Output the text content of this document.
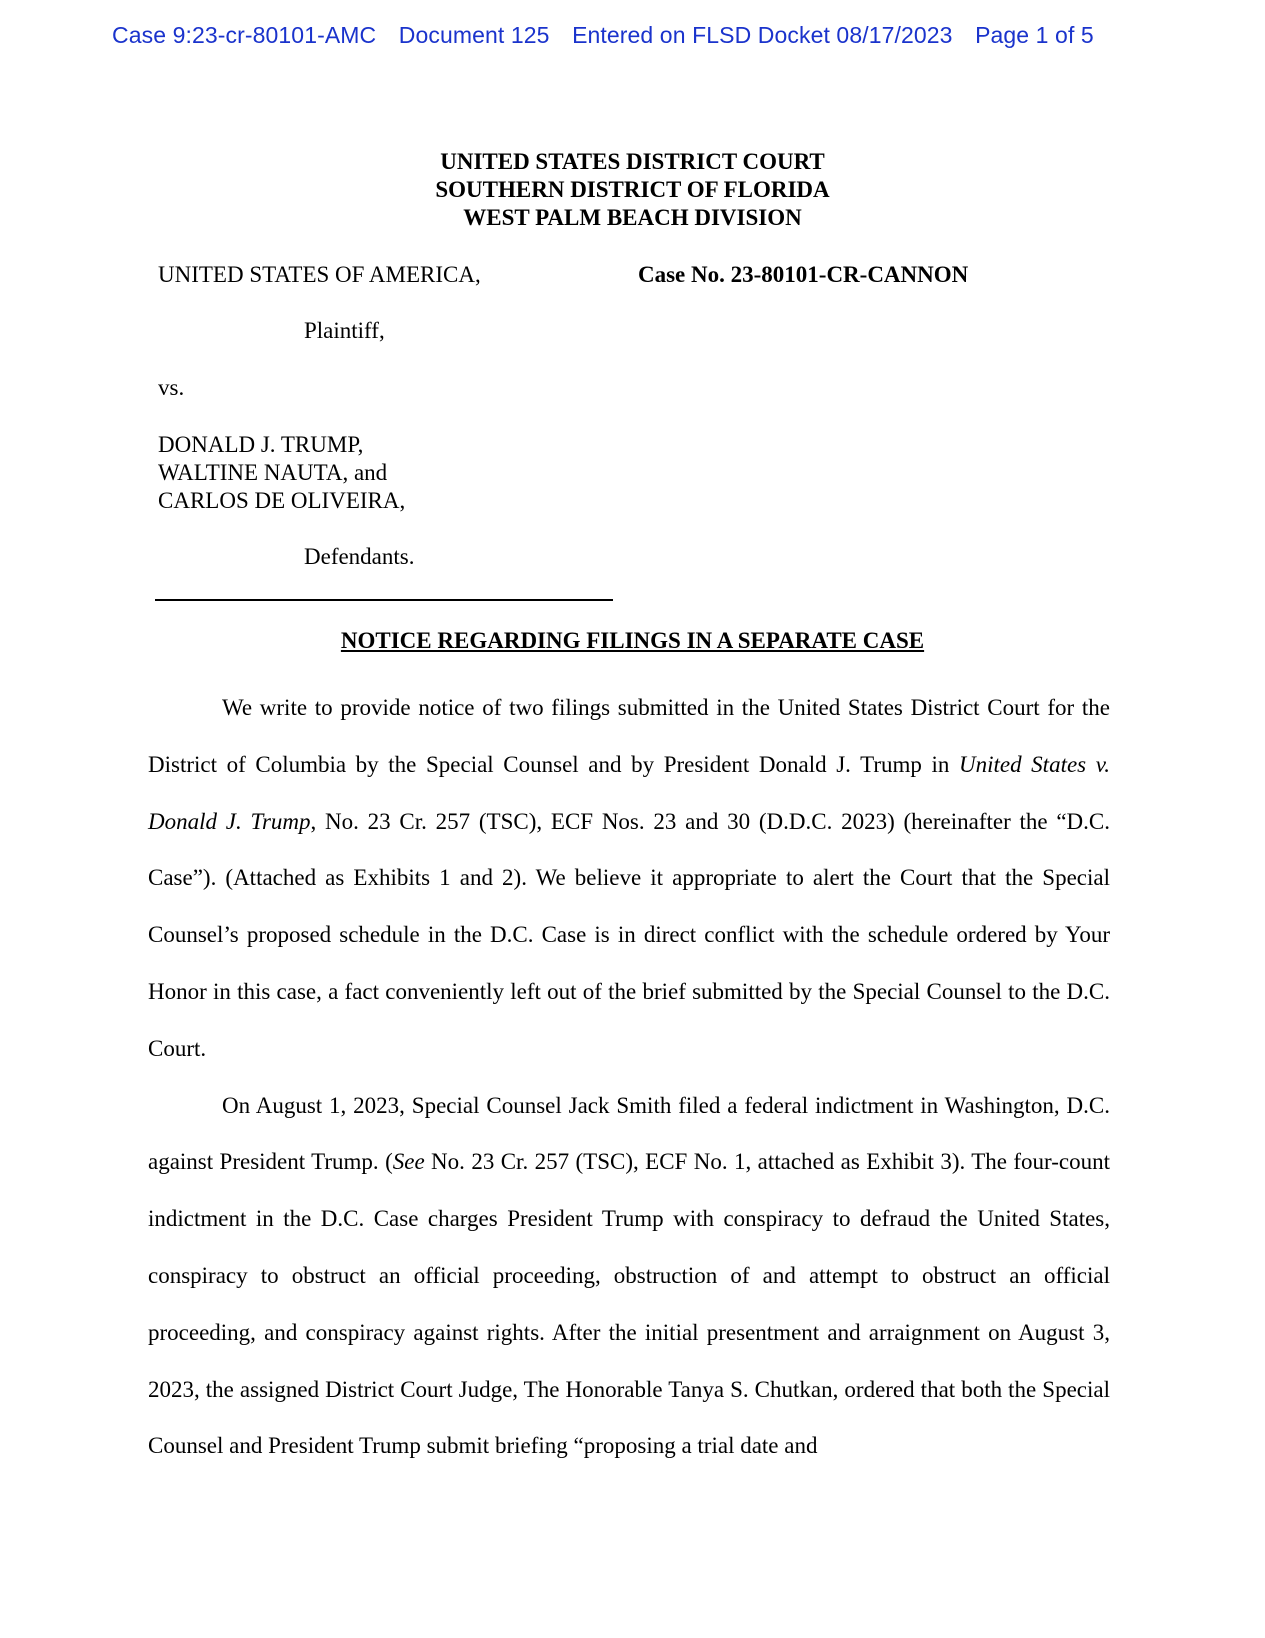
Case 9:23-cr-80101-AMC Document 125 Entered on FLSD Docket 08/17/2023 Page 1 of 5
UNITED STATES DISTRICT COURT
SOUTHERN DISTRICT OF FLORIDA
WEST PALM BEACH DIVISION
UNITED STATES OF AMERICA,	Case No. 23-80101-CR-CANNON
Plaintiff,
vs.
DONALD J. TRUMP,
WALTINE NAUTA, and
CARLOS DE OLIVEIRA,
Defendants.
NOTICE REGARDING FILINGS IN A SEPARATE CASE

We write to provide notice of two filings submitted in the United States District Court for the District of Columbia by the Special Counsel and by President Donald J. Trump in United States v. Donald J. Trump, No. 23 Cr. 257 (TSC), ECF Nos. 23 and 30 (D.D.C. 2023) (hereinafter the “D.C. Case”). (Attached as Exhibits 1 and 2). We believe it appropriate to alert the Court that the Special Counsel’s proposed schedule in the D.C. Case is in direct conflict with the schedule ordered by Your Honor in this case, a fact conveniently left out of the brief submitted by the Special Counsel to the D.C. Court.

On August 1, 2023, Special Counsel Jack Smith filed a federal indictment in Washington, D.C. against President Trump. (See No. 23 Cr. 257 (TSC), ECF No. 1, attached as Exhibit 3). The four-count indictment in the D.C. Case charges President Trump with conspiracy to defraud the United States, conspiracy to obstruct an official proceeding, obstruction of and attempt to obstruct an official proceeding, and conspiracy against rights. After the initial presentment and arraignment on August 3, 2023, the assigned District Court Judge, The Honorable Tanya S. Chutkan, ordered that both the Special Counsel and President Trump submit briefing “proposing a trial date and
